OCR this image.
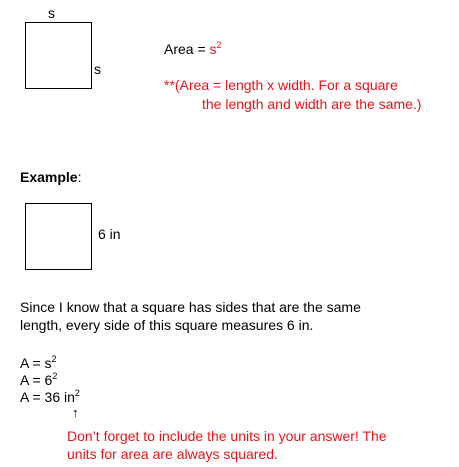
s
s
Area = $s^2$
**(Area = length x width. For a square
the length and width are the same.)
Example:
6 in
Since I know that a square has sides that are the same
length, every side of this square measures 6 in.
$A = s^2$
$A = 6^2$
A = 36 $in^2$
↑
Don’t forget to include the units in your answer! The
units for area are always squared.
